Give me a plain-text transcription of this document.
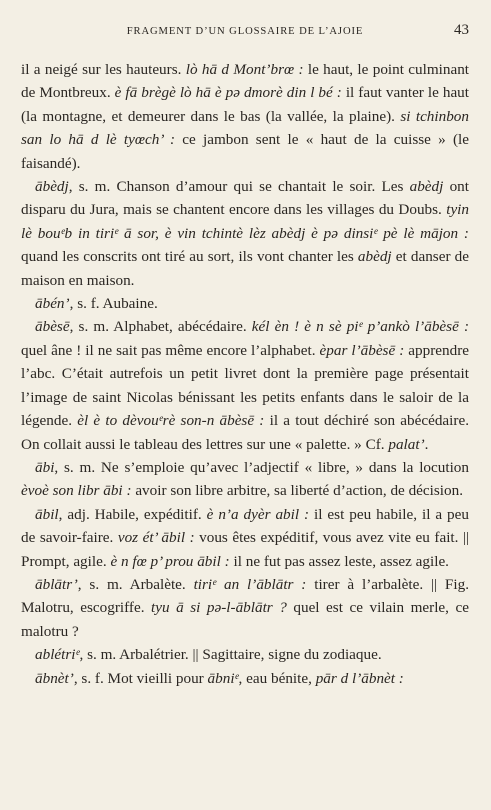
FRAGMENT D’UN GLOSSAIRE DE L’AJOIE	43

il a neigé sur les hauteurs. lò hā d Mont’brœ : le haut, le point culminant de Montbreux. è fā brègè lò hā è pə dmorè din l bé : il faut vanter le haut (la montagne, et demeurer dans le bas (la vallée, la plaine). si tchinbon san lo hā d lè tyœch’ : ce jambon sent le « haut de la cuisse » (le faisandé).

ābèdj, s. m. Chanson d’amour qui se chantait le soir. Les abèdj ont disparu du Jura, mais se chantent encore dans les villages du Doubs. tyin lè bouᵉb in tiriᵉ ā sor, è vin tchintè lèz abèdj è pə dinsiᵉ pè lè mājon : quand les conscrits ont tiré au sort, ils vont chanter les abèdj et danser de maison en maison.

ābén’, s. f. Aubaine.

ābèsē, s. m. Alphabet, abécédaire. kél èn ! è n sè piᵉ p’ankò l’ābèsē : quel âne ! il ne sait pas même encore l’alphabet. èpar l’ābèsē : apprendre l’abc. C’était autrefois un petit livret dont la première page présentait l’image de saint Nicolas bénissant les petits enfants dans le saloir de la légende. èl è to dèvouᵉrè son-n ābèsē : il a tout déchiré son abécédaire. On collait aussi le tableau des lettres sur une « palette. » Cf. palat’.

ābi, s. m. Ne s’emploie qu’avec l’adjectif « libre, » dans la locution èvoè son libr ābi : avoir son libre arbitre, sa liberté d’action, de décision.

ābil, adj. Habile, expéditif. è n’a dyèr abil : il est peu habile, il a peu de savoir-faire. voz ét’ ābil : vous êtes expéditif, vous avez vite eu fait. || Prompt, agile. è n fœ p’ prou ābil : il ne fut pas assez leste, assez agile.

āblātr’, s. m. Arbalète. tiriᵉ an l’āblātr : tirer à l’arbalète. || Fig. Malotru, escogriffe. tyu ā si pə-l-āblātr ? quel est ce vilain merle, ce malotru ?

ablétriᵉ, s. m. Arbalétrier. || Sagittaire, signe du zodiaque.

ābnèt’, s. f. Mot vieilli pour ābniᵉ, eau bénite, pār d l’ābnèt :
